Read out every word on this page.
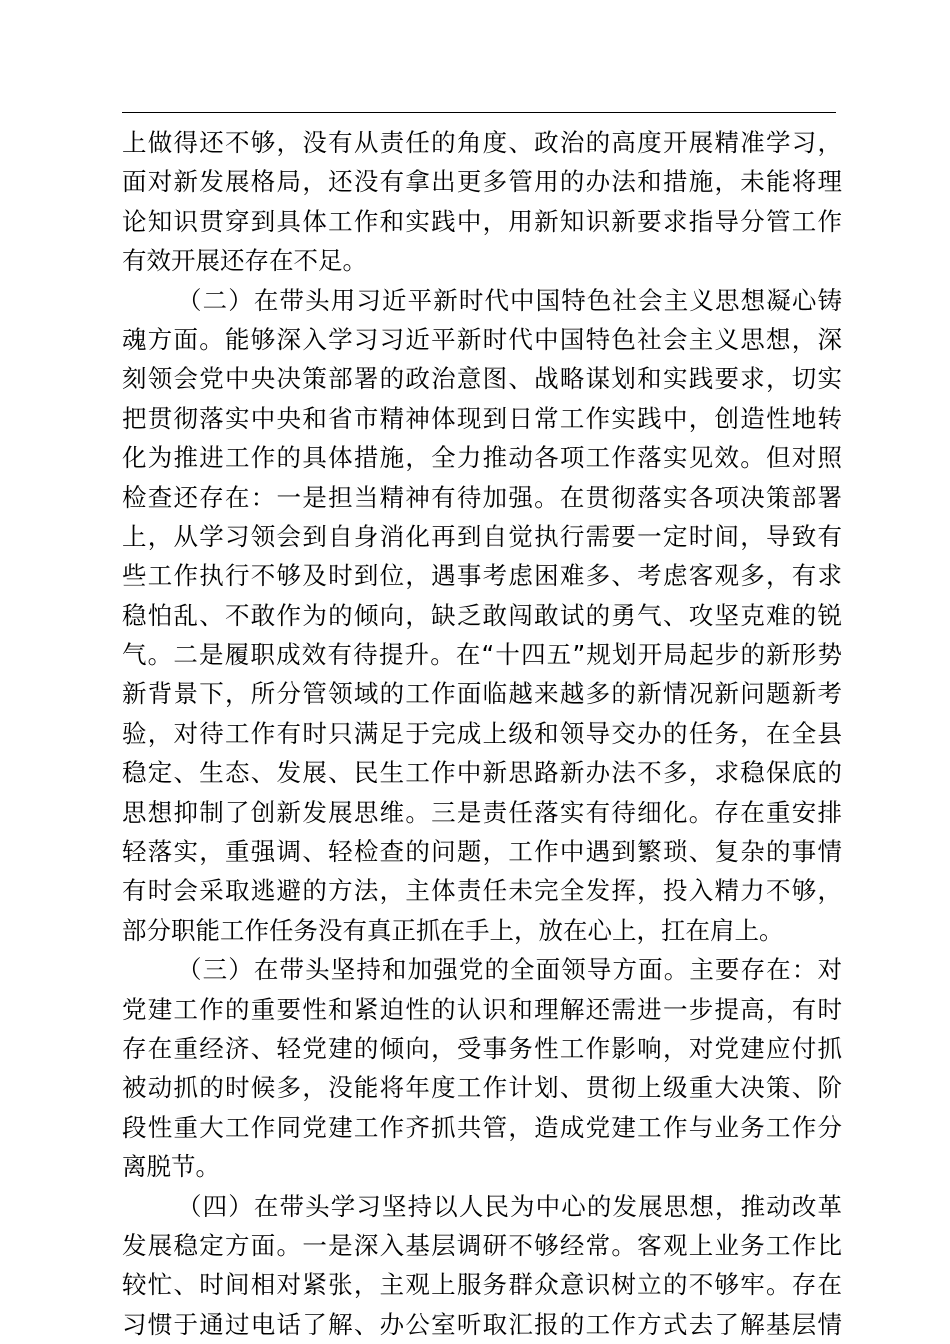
上做得还不够，没有从责任的角度、政治的高度开展精准学习，
面对新发展格局，还没有拿出更多管用的办法和措施，未能将理
论知识贯穿到具体工作和实践中，用新知识新要求指导分管工作
有效开展还存在不足。
（二）在带头用习近平新时代中国特色社会主义思想凝心铸
魂方面。能够深入学习习近平新时代中国特色社会主义思想，深
刻领会党中央决策部署的政治意图、战略谋划和实践要求，切实
把贯彻落实中央和省市精神体现到日常工作实践中，创造性地转
化为推进工作的具体措施，全力推动各项工作落实见效。但对照
检查还存在：一是担当精神有待加强。在贯彻落实各项决策部署
上，从学习领会到自身消化再到自觉执行需要一定时间，导致有
些工作执行不够及时到位，遇事考虑困难多、考虑客观多，有求
稳怕乱、不敢作为的倾向，缺乏敢闯敢试的勇气、攻坚克难的锐
气。二是履职成效有待提升。在“十四五”规划开局起步的新形势
新背景下，所分管领域的工作面临越来越多的新情况新问题新考
验，对待工作有时只满足于完成上级和领导交办的任务，在全县
稳定、生态、发展、民生工作中新思路新办法不多，求稳保底的
思想抑制了创新发展思维。三是责任落实有待细化。存在重安排
轻落实，重强调、轻检查的问题，工作中遇到繁琐、复杂的事情
有时会采取逃避的方法，主体责任未完全发挥，投入精力不够，
部分职能工作任务没有真正抓在手上，放在心上，扛在肩上。
（三）在带头坚持和加强党的全面领导方面。主要存在：对
党建工作的重要性和紧迫性的认识和理解还需进一步提高，有时
存在重经济、轻党建的倾向，受事务性工作影响，对党建应付抓
被动抓的时候多，没能将年度工作计划、贯彻上级重大决策、阶
段性重大工作同党建工作齐抓共管，造成党建工作与业务工作分
离脱节。
（四）在带头学习坚持以人民为中心的发展思想，推动改革
发展稳定方面。一是深入基层调研不够经常。客观上业务工作比
较忙、时间相对紧张，主观上服务群众意识树立的不够牢。存在
习惯于通过电话了解、办公室听取汇报的工作方式去了解基层情
